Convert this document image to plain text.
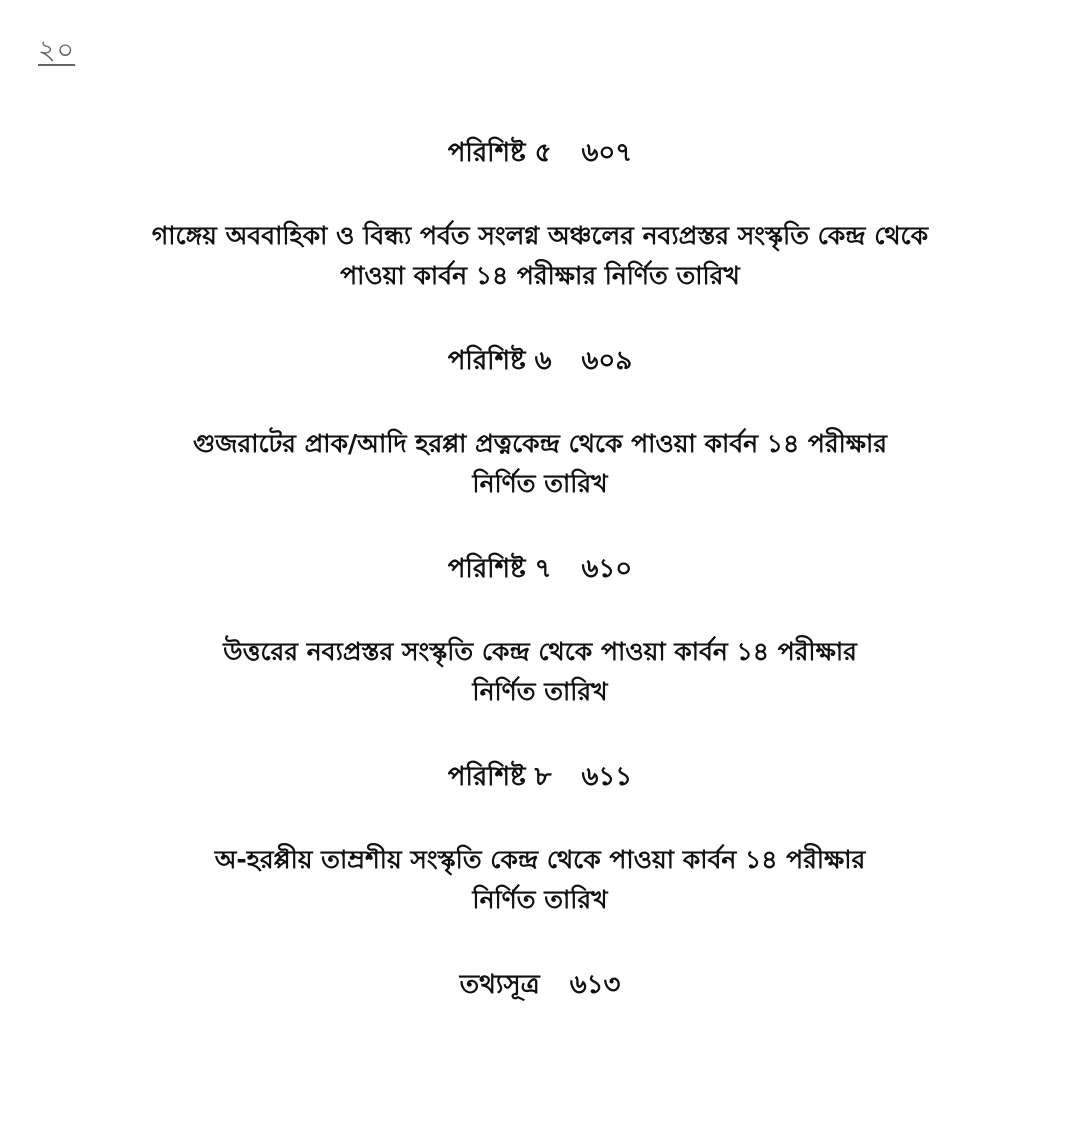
২০
পরিশিষ্ট ৫ ৬০৭
গাঙ্গেয় অববাহিকা ও বিন্ধ্য পর্বত সংলগ্ন অঞ্চলের নব্যপ্রস্তর সংস্কৃতি কেন্দ্র থেকে
পাওয়া কার্বন ১৪ পরীক্ষার নির্ণিত তারিখ
পরিশিষ্ট ৬ ৬০৯
গুজরাটের প্রাক/আদি হরপ্পা প্রত্নকেন্দ্র থেকে পাওয়া কার্বন ১৪ পরীক্ষার
নির্ণিত তারিখ
পরিশিষ্ট ৭ ৬১০
উত্তরের নব্যপ্রস্তর সংস্কৃতি কেন্দ্র থেকে পাওয়া কার্বন ১৪ পরীক্ষার
নির্ণিত তারিখ
পরিশিষ্ট ৮ ৬১১
অ-হরপ্পীয় তাম্রশীয় সংস্কৃতি কেন্দ্র থেকে পাওয়া কার্বন ১৪ পরীক্ষার
নির্ণিত তারিখ
তথ্যসূত্র ৬১৩
